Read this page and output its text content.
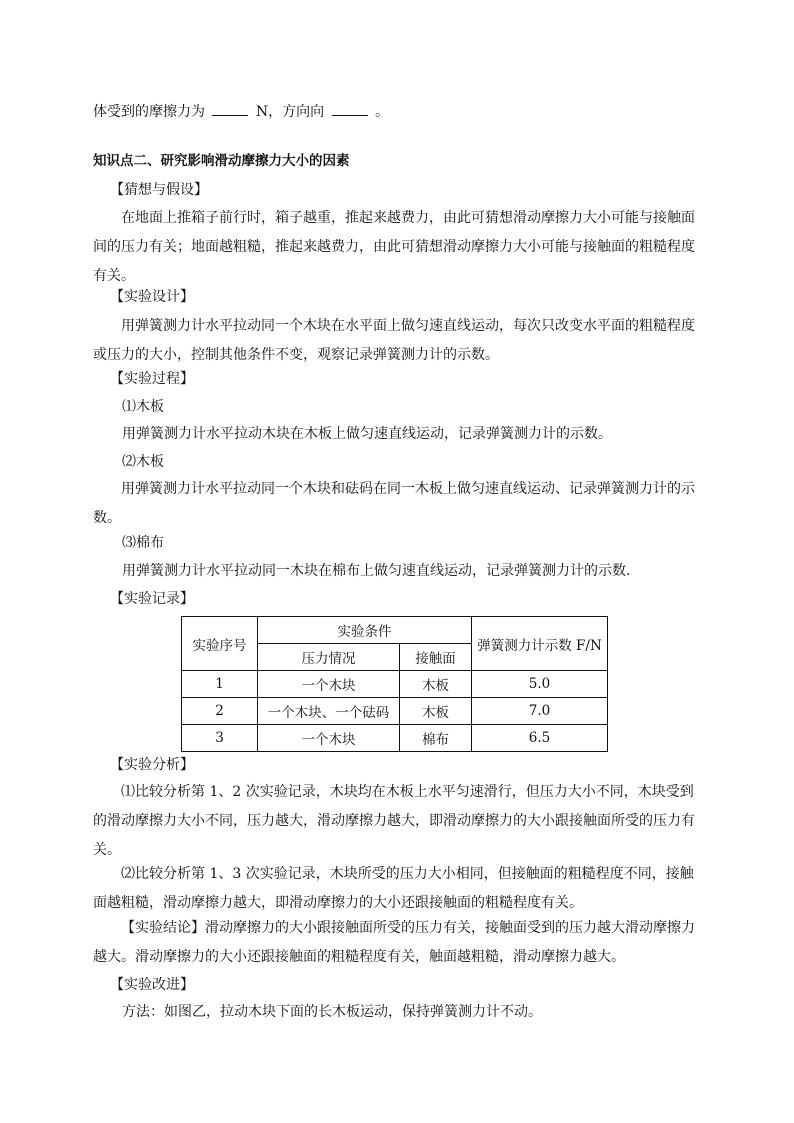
体受到的摩擦力为	N，方向向	。
知识点二、研究影响滑动摩擦力大小的因素
【猜想与假设】
在地面上推箱子前行时，箱子越重，推起来越费力，由此可猜想滑动摩擦力大小可能与接触面间的压力有关；地面越粗糙，推起来越费力，由此可猜想滑动摩擦力大小可能与接触面的粗糙程度有关。
【实验设计】
用弹簧测力计水平拉动同一个木块在水平面上做匀速直线运动，每次只改变水平面的粗糙程度或压力的大小，控制其他条件不变，观察记录弹簧测力计的示数。
【实验过程】
⑴木板
用弹簧测力计水平拉动木块在木板上做匀速直线运动，记录弹簧测力计的示数。
⑵木板
用弹簧测力计水平拉动同一个木块和砝码在同一木板上做匀速直线运动、记录弹簧测力计的示数。
⑶棉布
用弹簧测力计水平拉动同一木块在棉布上做匀速直线运动，记录弹簧测力计的示数.
【实验记录】
实验序号	实验条件		弹簧测力计示数 F/N
	压力情况	接触面	
1	一个木块	木板	5.0
2	一个木块、一个砝码	木板	7.0
3	一个木块	棉布	6.5
【实验分析】
⑴比较分析第 1、2 次实验记录，木块均在木板上水平匀速滑行，但压力大小不同，木块受到的滑动摩擦力大小不同，压力越大，滑动摩擦力越大，即滑动摩擦力的大小跟接触面所受的压力有关。
⑵比较分析第 1、3 次实验记录，木块所受的压力大小相同，但接触面的粗糙程度不同，接触面越粗糙，滑动摩擦力越大，即滑动摩擦力的大小还跟接触面的粗糙程度有关。
【实验结论】滑动摩擦力的大小跟接触面所受的压力有关，接触面受到的压力越大滑动摩擦力越大。滑动摩擦力的大小还跟接触面的粗糙程度有关，触面越粗糙，滑动摩擦力越大。
【实验改进】
方法：如图乙，拉动木块下面的长木板运动，保持弹簧测力计不动。
